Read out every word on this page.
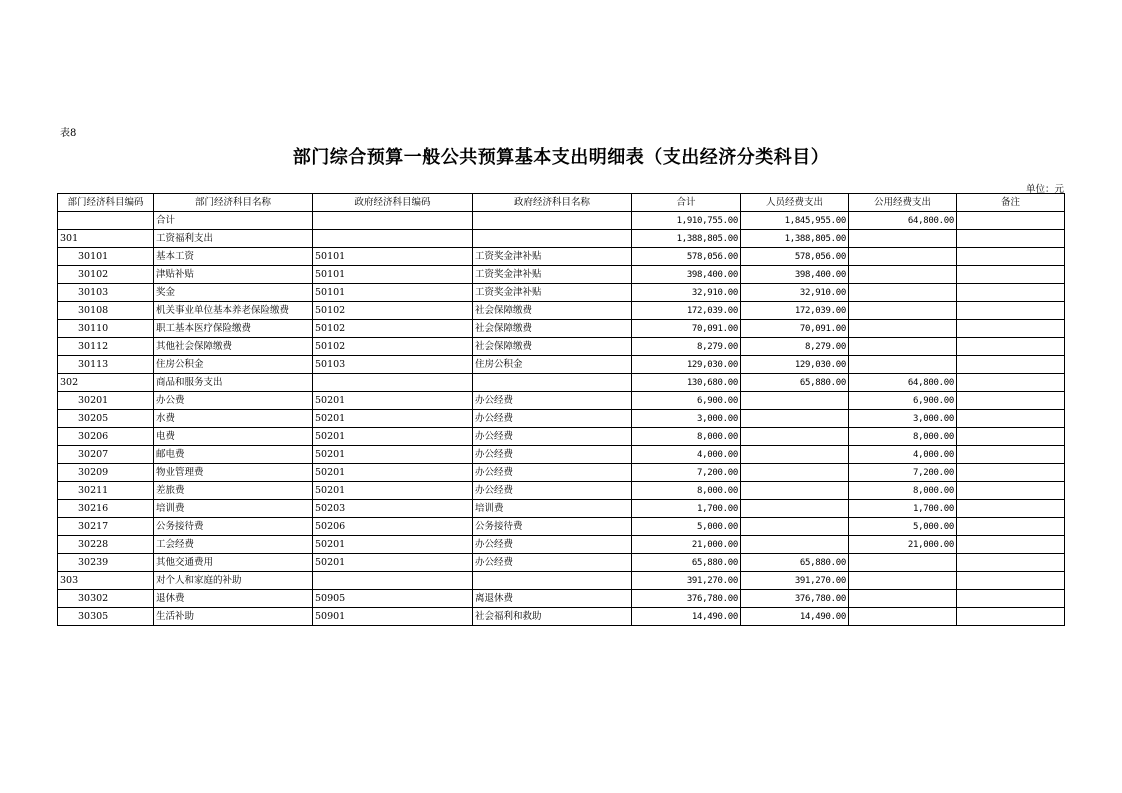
表8
部门综合预算一般公共预算基本支出明细表（支出经济分类科目）
单位：元
部门经济科目编码	部门经济科目名称	政府经济科目编码	政府经济科目名称	合计	人员经费支出	公用经费支出	备注
	合计			1,910,755.00	1,845,955.00	64,800.00	
301	工资福利支出			1,388,805.00	1,388,805.00		
30101	基本工资	50101	工资奖金津补贴	578,056.00	578,056.00		
30102	津贴补贴	50101	工资奖金津补贴	398,400.00	398,400.00		
30103	奖金	50101	工资奖金津补贴	32,910.00	32,910.00		
30108	机关事业单位基本养老保险缴费	50102	社会保障缴费	172,039.00	172,039.00		
30110	职工基本医疗保险缴费	50102	社会保障缴费	70,091.00	70,091.00		
30112	其他社会保障缴费	50102	社会保障缴费	8,279.00	8,279.00		
30113	住房公积金	50103	住房公积金	129,030.00	129,030.00		
302	商品和服务支出			130,680.00	65,880.00	64,800.00	
30201	办公费	50201	办公经费	6,900.00		6,900.00	
30205	水费	50201	办公经费	3,000.00		3,000.00	
30206	电费	50201	办公经费	8,000.00		8,000.00	
30207	邮电费	50201	办公经费	4,000.00		4,000.00	
30209	物业管理费	50201	办公经费	7,200.00		7,200.00	
30211	差旅费	50201	办公经费	8,000.00		8,000.00	
30216	培训费	50203	培训费	1,700.00		1,700.00	
30217	公务接待费	50206	公务接待费	5,000.00		5,000.00	
30228	工会经费	50201	办公经费	21,000.00		21,000.00	
30239	其他交通费用	50201	办公经费	65,880.00	65,880.00		
303	对个人和家庭的补助			391,270.00	391,270.00		
30302	退休费	50905	离退休费	376,780.00	376,780.00		
30305	生活补助	50901	社会福利和救助	14,490.00	14,490.00		
